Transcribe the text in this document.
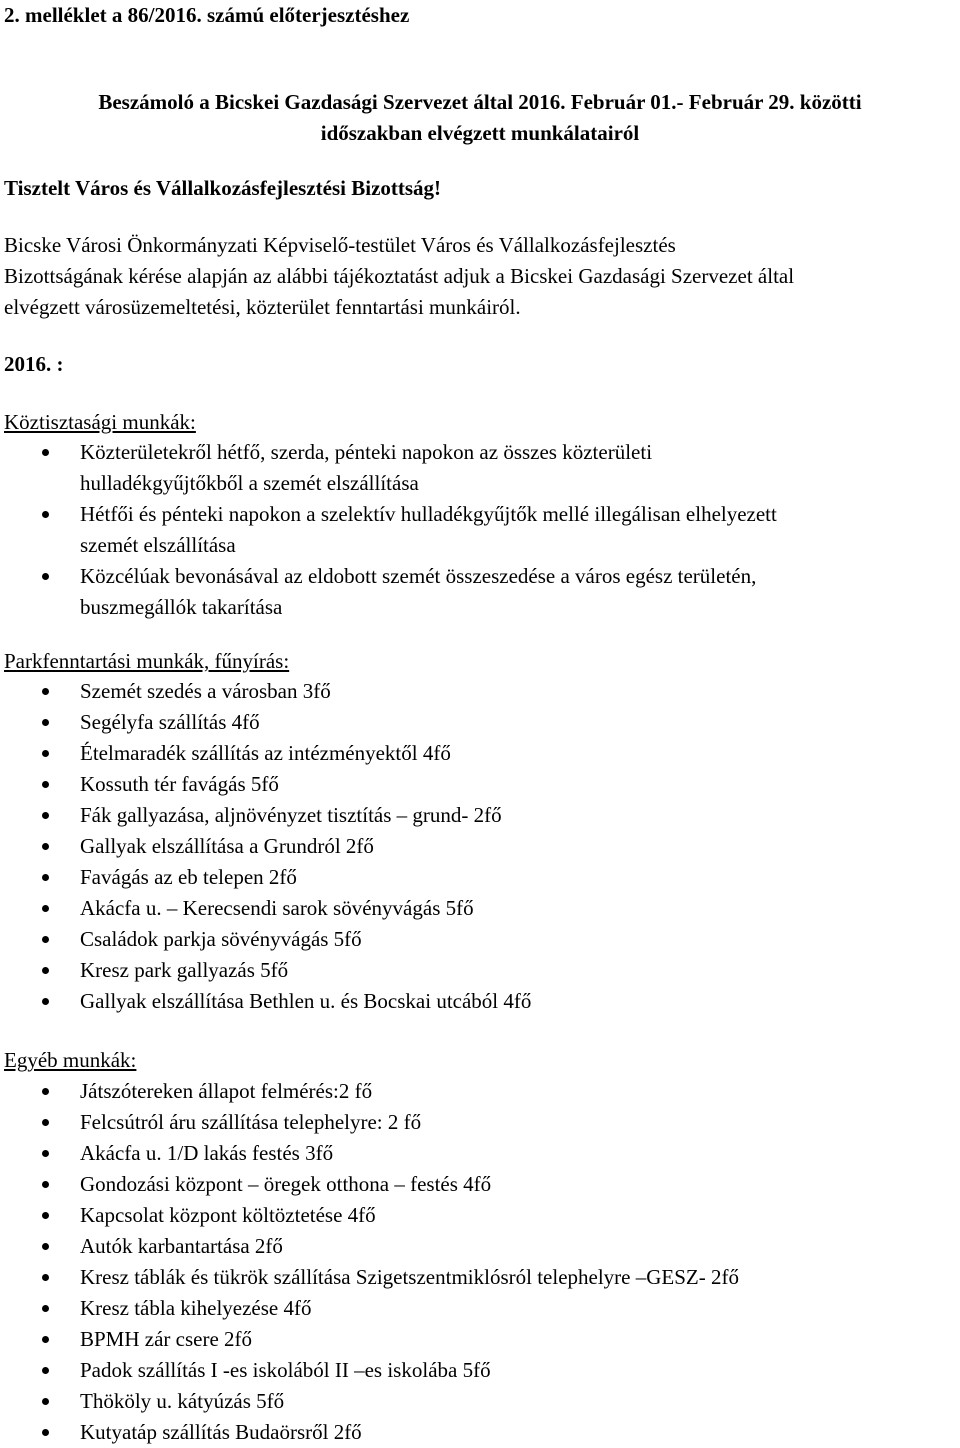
2. melléklet a 86/2016. számú előterjesztéshez
Beszámoló a Bicskei Gazdasági Szervezet által 2016. Február 01.- Február 29. közötti
időszakban elvégzett munkálatairól
Tisztelt Város és Vállalkozásfejlesztési Bizottság!
Bicske Városi Önkormányzati Képviselő-testület Város és Vállalkozásfejlesztés
Bizottságának kérése alapján az alábbi tájékoztatást adjuk a Bicskei Gazdasági Szervezet által
elvégzett városüzemeltetési, közterület fenntartási munkáiról.
2016. :
Köztisztasági munkák:
Közterületekről hétfő, szerda, pénteki napokon az összes közterületi
hulladékgyűjtőkből a szemét elszállítása
Hétfői és pénteki napokon a szelektív hulladékgyűjtők mellé illegálisan elhelyezett
szemét elszállítása
Közcélúak bevonásával az eldobott szemét összeszedése a város egész területén,
buszmegállók takarítása
Parkfenntartási munkák, fűnyírás:
Szemét szedés a városban 3fő
Segélyfa szállítás 4fő
Ételmaradék szállítás az intézményektől 4fő
Kossuth tér favágás 5fő
Fák gallyazása, aljnövényzet tisztítás – grund- 2fő
Gallyak elszállítása a Grundról 2fő
Favágás az eb telepen 2fő
Akácfa u. – Kerecsendi sarok sövényvágás 5fő
Családok parkja sövényvágás 5fő
Kresz park gallyazás 5fő
Gallyak elszállítása Bethlen u. és Bocskai utcából 4fő
Egyéb munkák:
Játszótereken állapot felmérés:2 fő
Felcsútról áru szállítása telephelyre: 2 fő
Akácfa u. 1/D lakás festés 3fő
Gondozási központ – öregek otthona – festés 4fő
Kapcsolat központ költöztetése 4fő
Autók karbantartása 2fő
Kresz táblák és tükrök szállítása Szigetszentmiklósról telephelyre –GESZ- 2fő
Kresz tábla kihelyezése 4fő
BPMH zár csere 2fő
Padok szállítás I -es iskolából II –es iskolába 5fő
Thököly u. kátyúzás 5fő
Kutyatáp szállítás Budaörsről 2fő
